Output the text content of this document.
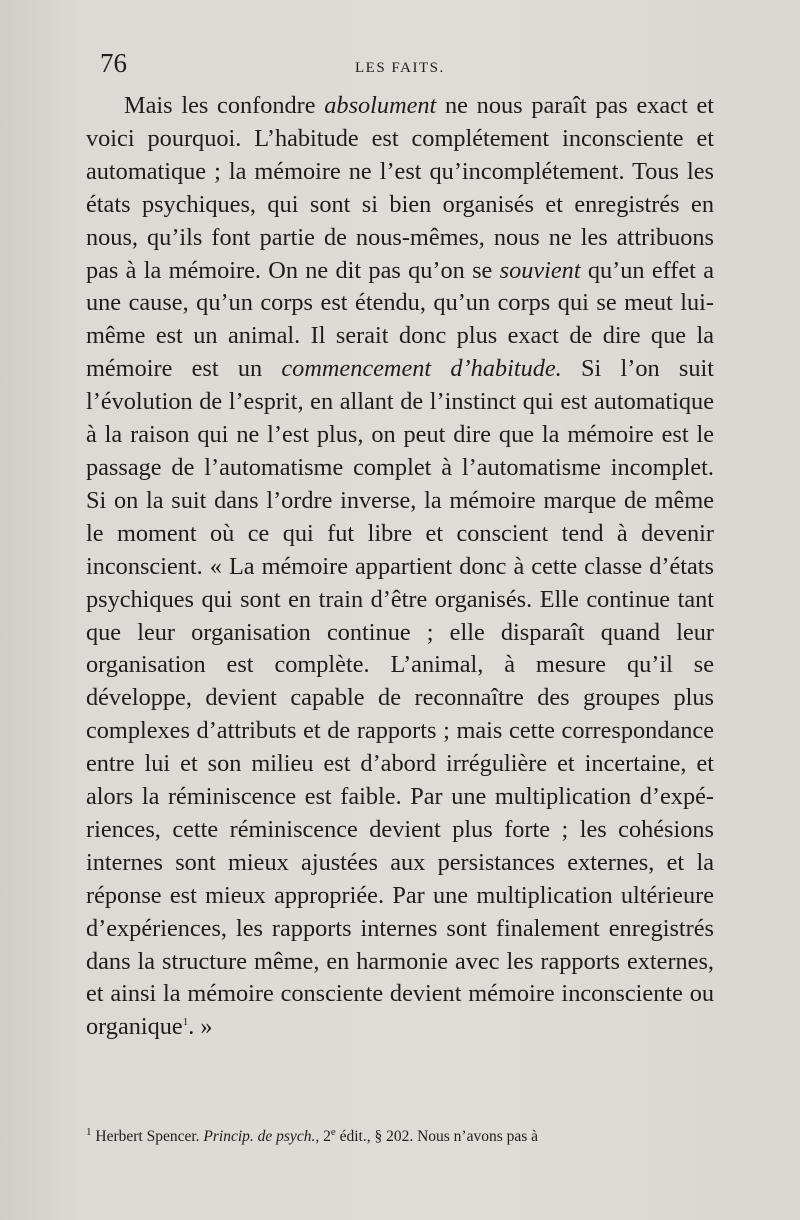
76	LES FAITS.

Mais les confondre absolument ne nous paraît pas exact et voici pourquoi. L’habitude est complétement inconsciente et automatique ; la mémoire ne l’est qu’incomplétement. Tous les états psychiques, qui sont si bien organisés et enregistrés en nous, qu’ils font partie de nous-mêmes, nous ne les attribuons pas à la mémoire. On ne dit pas qu’on se souvient qu’un effet a une cause, qu’un corps est étendu, qu’un corps qui se meut lui-même est un animal. Il serait donc plus exact de dire que la mémoire est un commencement d’habitude. Si l’on suit l’évolution de l’esprit, en allant de l’instinct qui est automatique à la raison qui ne l’est plus, on peut dire que la mémoire est le passage de l’automatisme complet à l’automatisme incomplet. Si on la suit dans l’ordre inverse, la mémoire marque de même le moment où ce qui fut libre et conscient tend à devenir inconscient. « La mémoire appartient donc à cette classe d’états psychiques qui sont en train d’être organisés. Elle continue tant que leur organisation continue ; elle disparaît quand leur organisation est complète. L’animal, à mesure qu’il se développe, devient capable de reconnaître des groupes plus complexes d’attributs et de rapports ; mais cette correspondance entre lui et son milieu est d’abord irrégulière et incertaine, et alors la réminiscence est faible. Par une multiplication d’expériences, cette réminiscence devient plus forte ; les cohésions internes sont mieux ajustées aux persistances externes, et la réponse est mieux appropriée. Par une multiplication ultérieure d’expériences, les rapports internes sont finalement enregistrés dans la structure même, en harmonie avec les rapports externes, et ainsi la mémoire consciente devient mémoire inconsciente ou organique$^1$. »

$^1$ Herbert Spencer. Princip. de psych., 2e édit., § 202. Nous n’avons pas à
